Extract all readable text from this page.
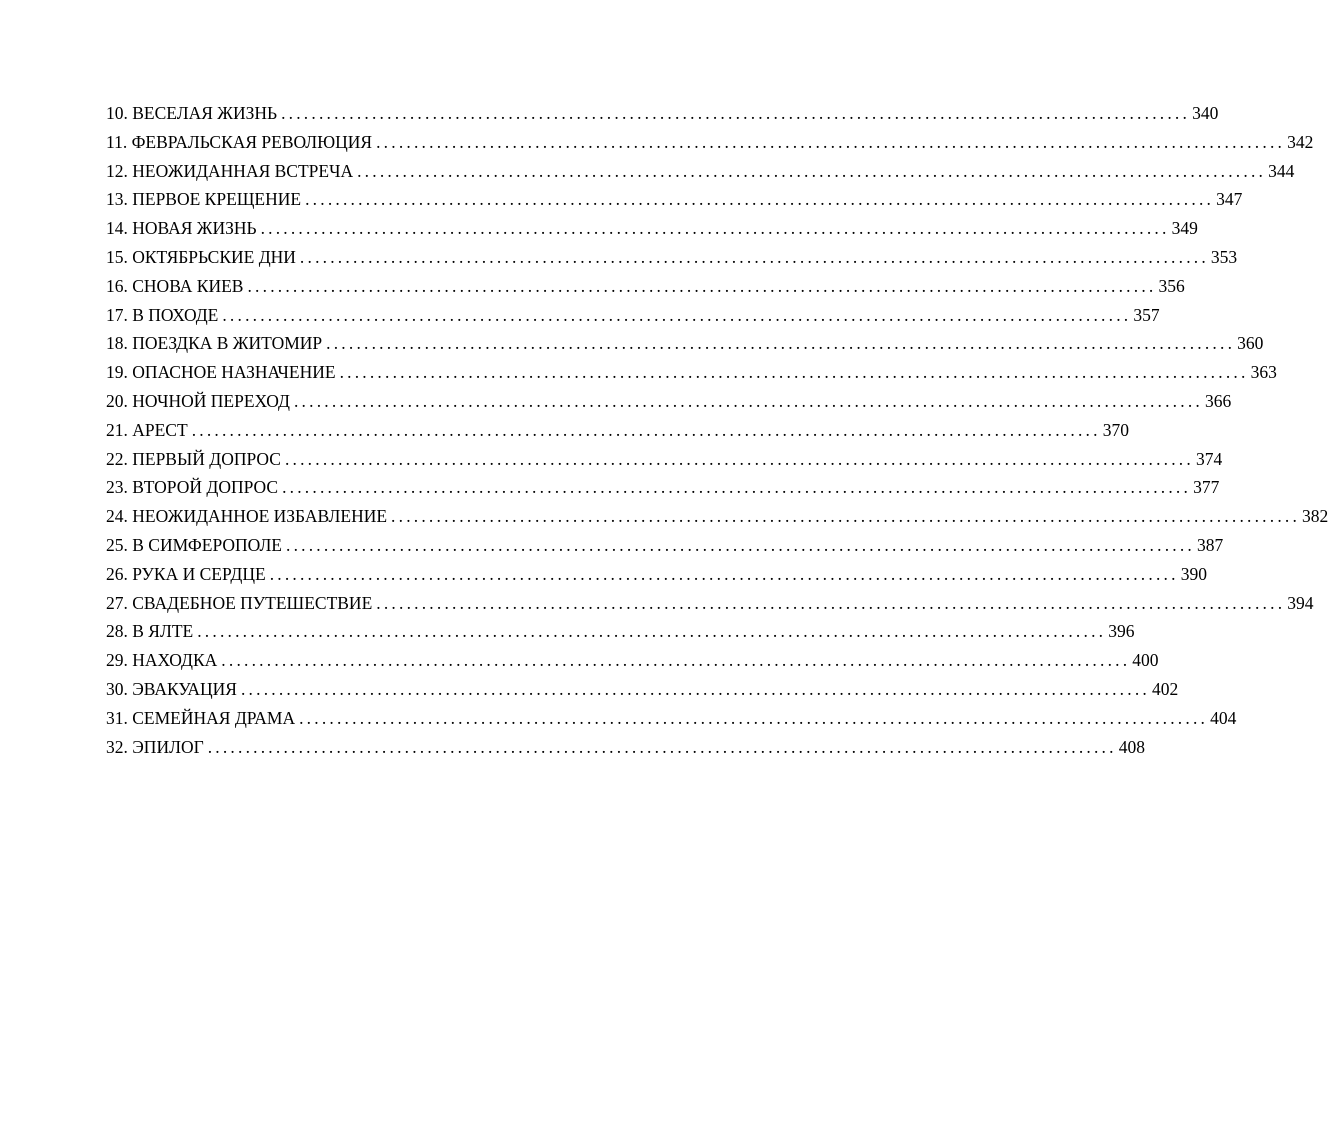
10. ВЕСЕЛАЯ ЖИЗНЬ ........................................................................................................................ 340
11. ФЕВРАЛЬСКАЯ РЕВОЛЮЦИЯ ........................................................................................................................ 342
12. НЕОЖИДАННАЯ ВСТРЕЧА ........................................................................................................................ 344
13. ПЕРВОЕ КРЕЩЕНИЕ ........................................................................................................................ 347
14. НОВАЯ ЖИЗНЬ ........................................................................................................................ 349
15. ОКТЯБРЬСКИЕ ДНИ ........................................................................................................................ 353
16. СНОВА КИЕВ ........................................................................................................................ 356
17. В ПОХОДЕ ........................................................................................................................ 357
18. ПОЕЗДКА В ЖИТОМИР ........................................................................................................................ 360
19. ОПАСНОЕ НАЗНАЧЕНИЕ ........................................................................................................................ 363
20. НОЧНОЙ ПЕРЕХОД ........................................................................................................................ 366
21. АРЕСТ ........................................................................................................................ 370
22. ПЕРВЫЙ ДОПРОС ........................................................................................................................ 374
23. ВТОРОЙ ДОПРОС ........................................................................................................................ 377
24. НЕОЖИДАННОЕ ИЗБАВЛЕНИЕ ........................................................................................................................ 382
25. В СИМФЕРОПОЛЕ ........................................................................................................................ 387
26. РУКА И СЕРДЦЕ ........................................................................................................................ 390
27. СВАДЕБНОЕ ПУТЕШЕСТВИЕ ........................................................................................................................ 394
28. В ЯЛТЕ ........................................................................................................................ 396
29. НАХОДКА ........................................................................................................................ 400
30. ЭВАКУАЦИЯ ........................................................................................................................ 402
31. СЕМЕЙНАЯ ДРАМА ........................................................................................................................ 404
32. ЭПИЛОГ ........................................................................................................................ 408
